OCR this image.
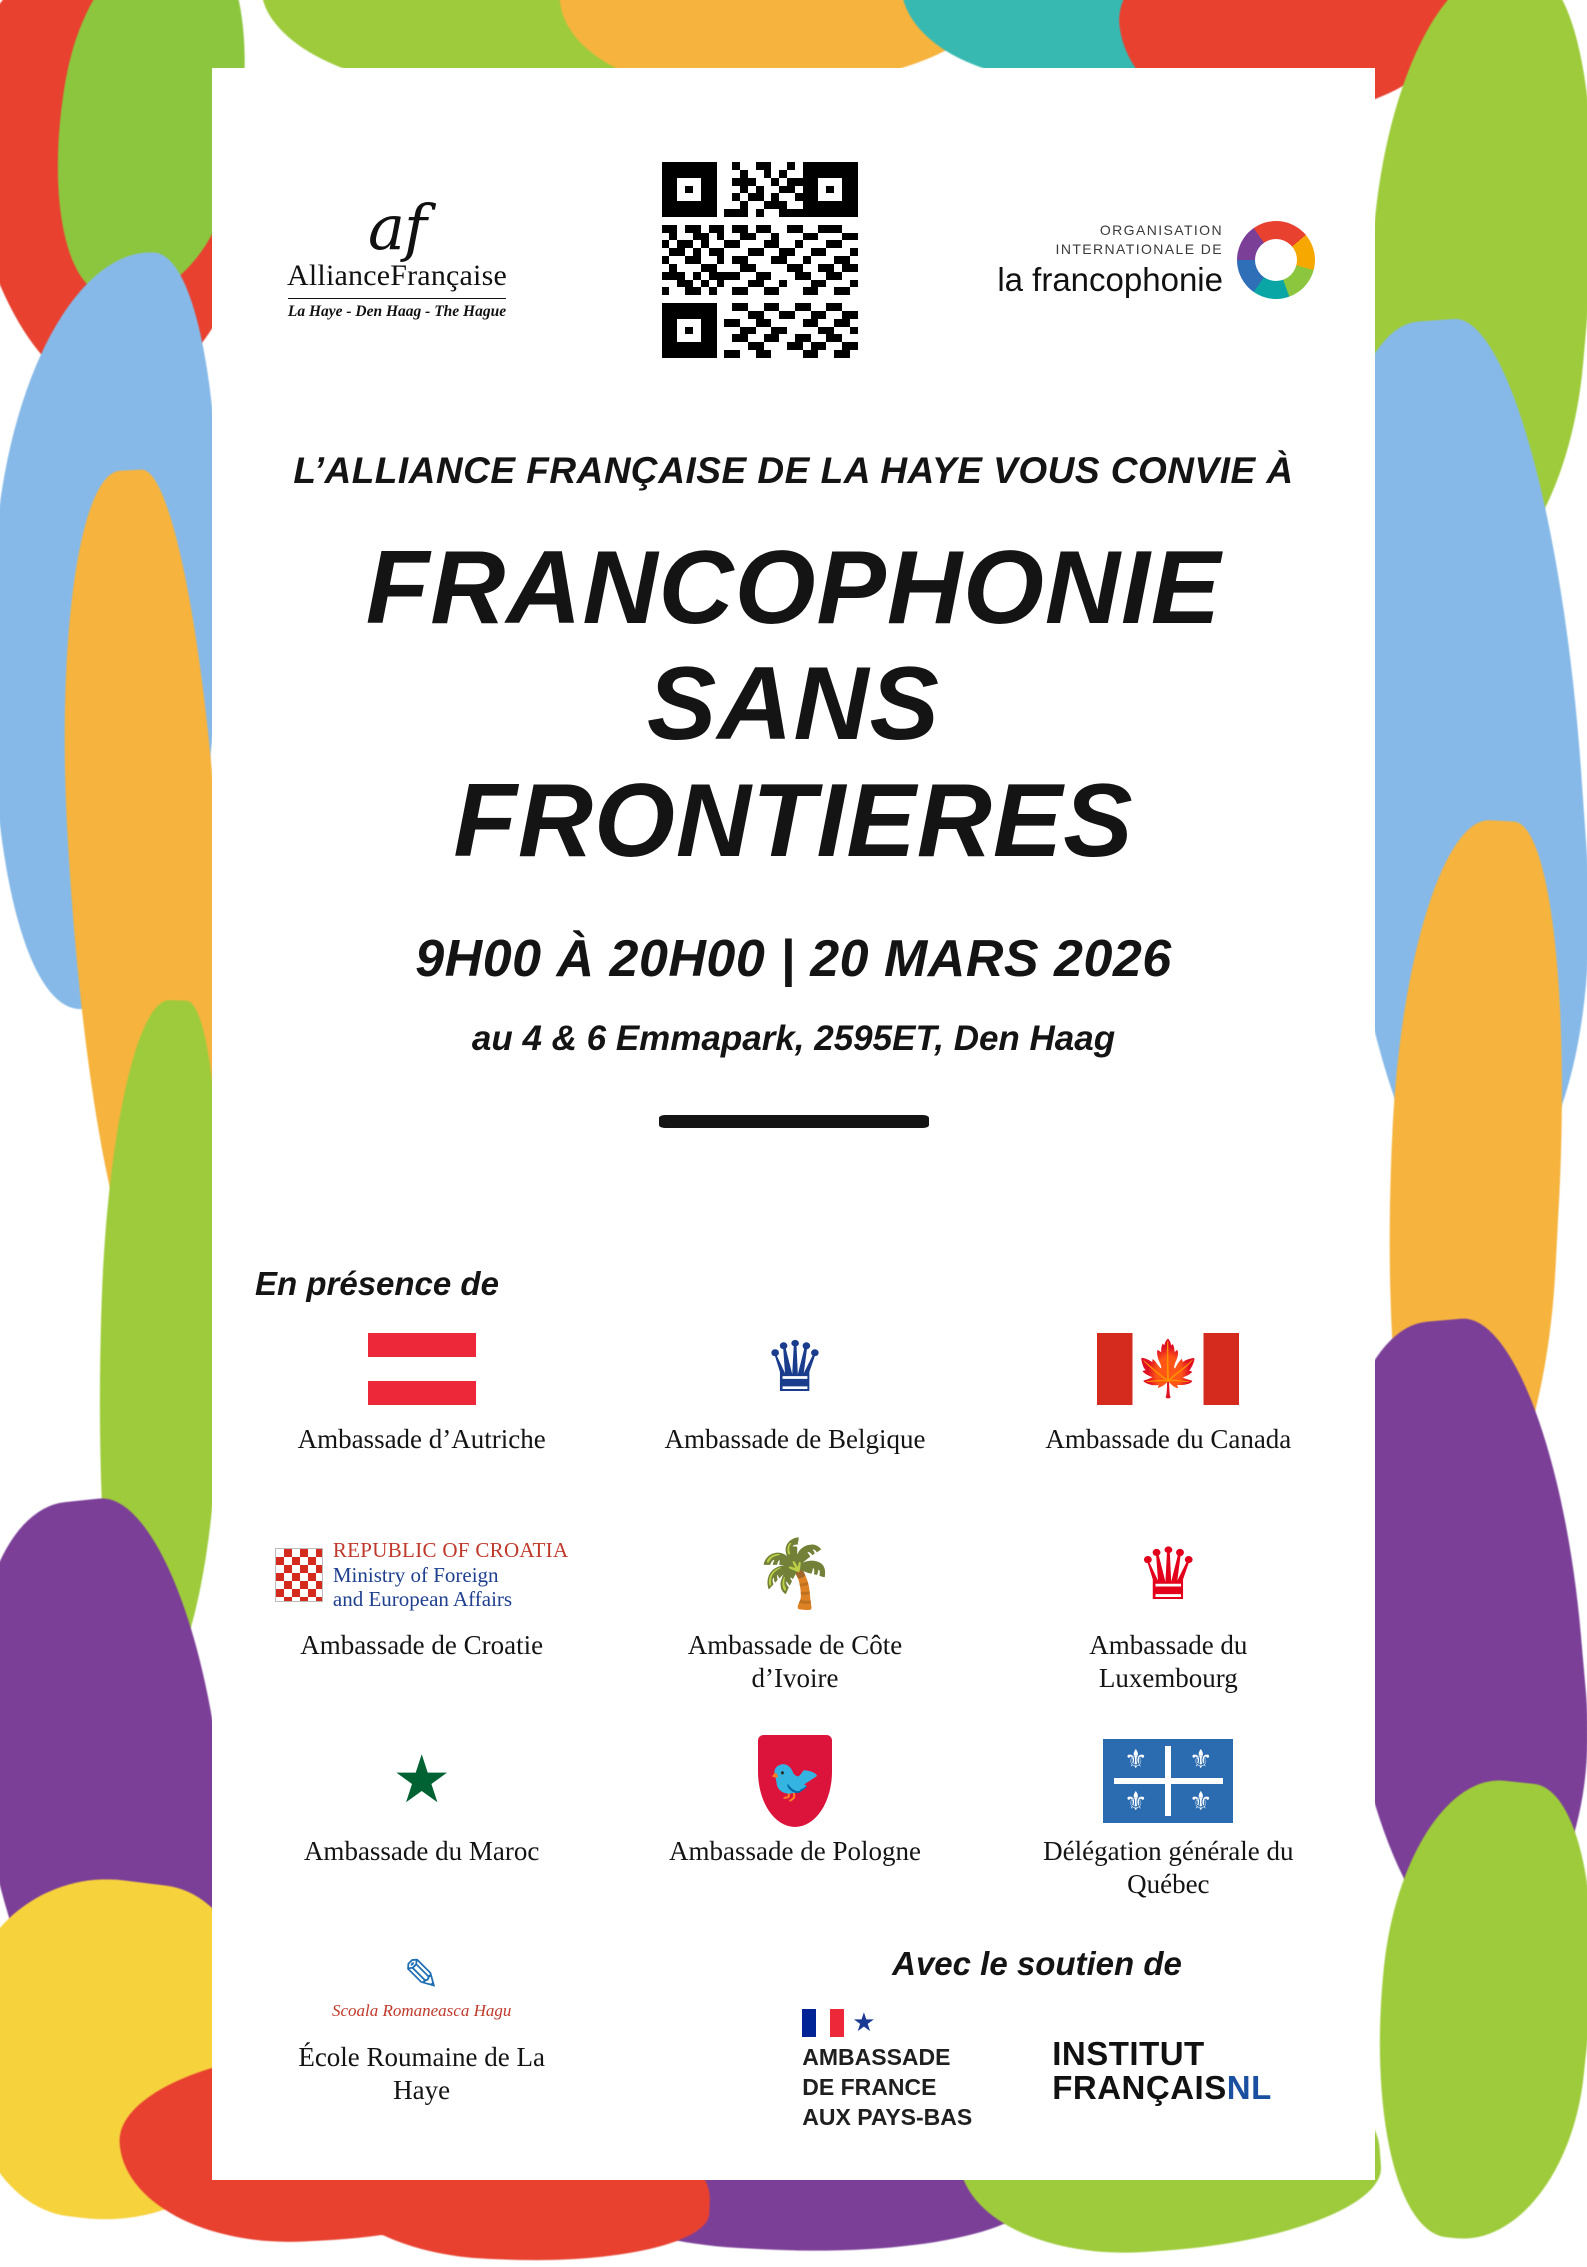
af
AllianceFrançaise
La Haye - Den Haag - The Hague
ORGANISATION
INTERNATIONALE DE
la francophonie

L’ALLIANCE FRANÇAISE DE LA HAYE VOUS CONVIE À

FRANCOPHONIE
SANS
FRONTIERES

9H00 À 20H00 | 20 MARS 2026

au 4 & 6 Emmapark, 2595ET, Den Haag

En présence de
Ambassade d’Autriche
♛
Ambassade de Belgique
🍁	Ambassade du Canada
REPUBLIC OF CROATIA
Ministry of Foreign
and European Affairs
Ambassade de Croatie
🌴
Ambassade de Côte d’Ivoire
♛
Ambassade du Luxembourg
★
Ambassade du Maroc
🐦
Ambassade de Pologne
⚜	⚜
⚜	⚜
Délégation générale du Québec
✎
Scoala Romaneasca Hagu
École Roumaine de La Haye
Avec le soutien de
★
AMBASSADE
DE FRANCE
AUX PAYS-BAS
INSTITUT
FRANÇAISNL
